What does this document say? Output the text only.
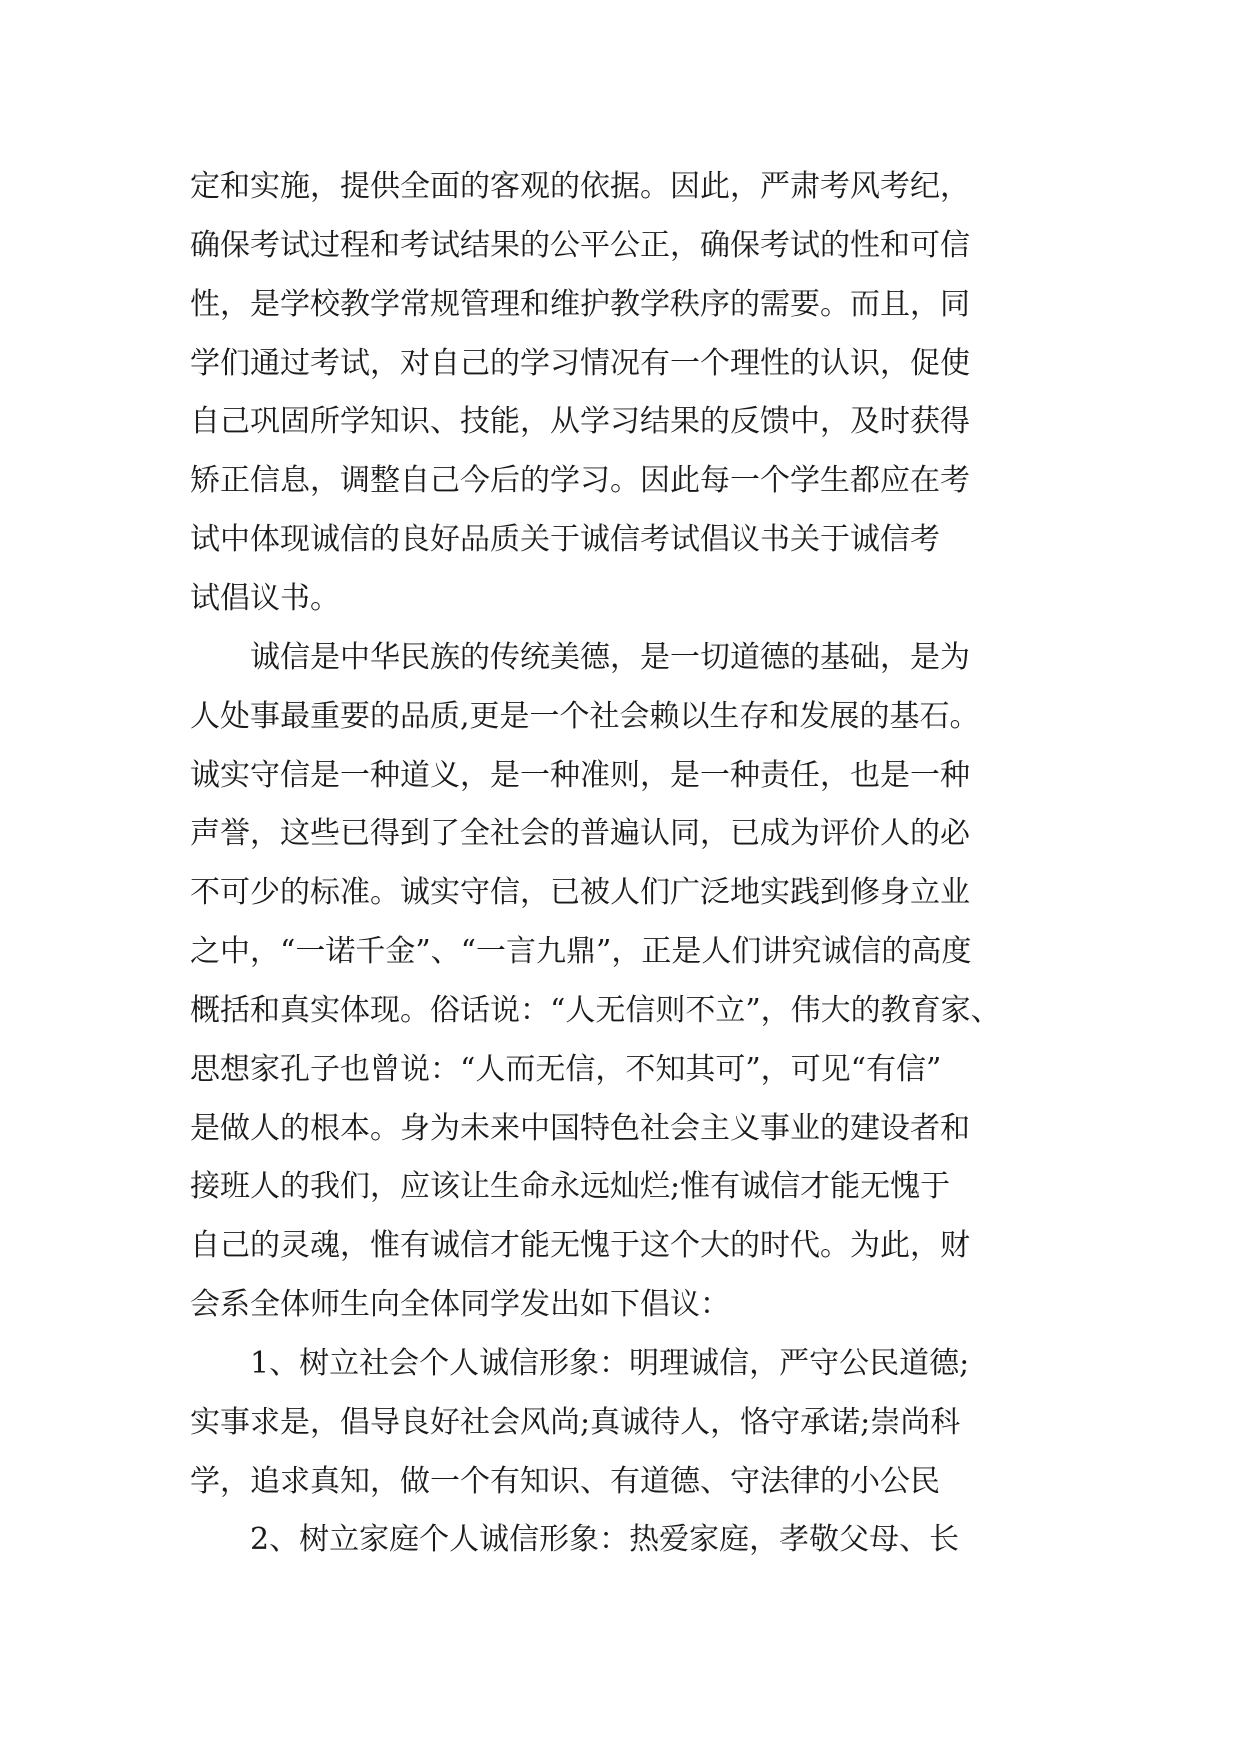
定和实施，提供全面的客观的依据。因此，严肃考风考纪，
确保考试过程和考试结果的公平公正，确保考试的性和可信
性，是学校教学常规管理和维护教学秩序的需要。而且，同
学们通过考试，对自己的学习情况有一个理性的认识，促使
自己巩固所学知识、技能，从学习结果的反馈中，及时获得
矫正信息，调整自己今后的学习。因此每一个学生都应在考
试中体现诚信的良好品质关于诚信考试倡议书关于诚信考
试倡议书。
诚信是中华民族的传统美德，是一切道德的基础，是为
人处事最重要的品质,更是一个社会赖以生存和发展的基石。
诚实守信是一种道义，是一种准则，是一种责任，也是一种
声誉，这些已得到了全社会的普遍认同，已成为评价人的必
不可少的标准。诚实守信，已被人们广泛地实践到修身立业
之中，“一诺千金”、“一言九鼎”，正是人们讲究诚信的高度
概括和真实体现。俗话说：“人无信则不立”，伟大的教育家、
思想家孔子也曾说：“人而无信，不知其可”，可见“有信”
是做人的根本。身为未来中国特色社会主义事业的建设者和
接班人的我们，应该让生命永远灿烂;惟有诚信才能无愧于
自己的灵魂，惟有诚信才能无愧于这个大的时代。为此，财
会系全体师生向全体同学发出如下倡议：
1、树立社会个人诚信形象：明理诚信，严守公民道德;
实事求是，倡导良好社会风尚;真诚待人，恪守承诺;崇尚科
学，追求真知，做一个有知识、有道德、守法律的小公民
2、树立家庭个人诚信形象：热爱家庭，孝敬父母、长
